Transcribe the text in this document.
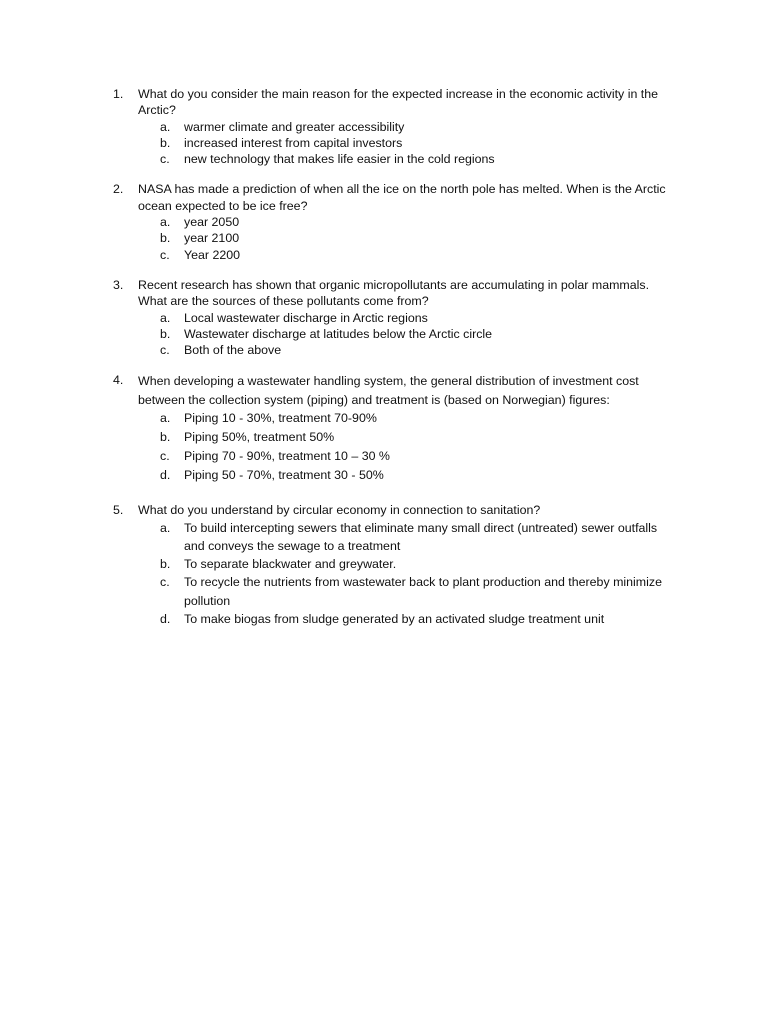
1. What do you consider the main reason for the expected increase in the economic activity in the Arctic?
a. warmer climate and greater accessibility
b. increased interest from capital investors
c. new technology that makes life easier in the cold regions
2. NASA has made a prediction of when all the ice on the north pole has melted. When is the Arctic ocean expected to be ice free?
a. year 2050
b. year 2100
c. Year 2200
3. Recent research has shown that organic micropollutants are accumulating in polar mammals. What are the sources of these pollutants come from?
a. Local wastewater discharge in Arctic regions
b. Wastewater discharge at latitudes below the Arctic circle
c. Both of the above
4. When developing a wastewater handling system, the general distribution of investment cost between the collection system (piping) and treatment is (based on Norwegian) figures:
a. Piping 10 - 30%, treatment 70-90%
b. Piping 50%, treatment 50%
c. Piping 70 - 90%, treatment 10 – 30 %
d. Piping 50 - 70%, treatment 30 - 50%
5. What do you understand by circular economy in connection to sanitation?
a. To build intercepting sewers that eliminate many small direct (untreated) sewer outfalls and conveys the sewage to a treatment
b. To separate blackwater and greywater.
c. To recycle the nutrients from wastewater back to plant production and thereby minimize pollution
d. To make biogas from sludge generated by an activated sludge treatment unit
